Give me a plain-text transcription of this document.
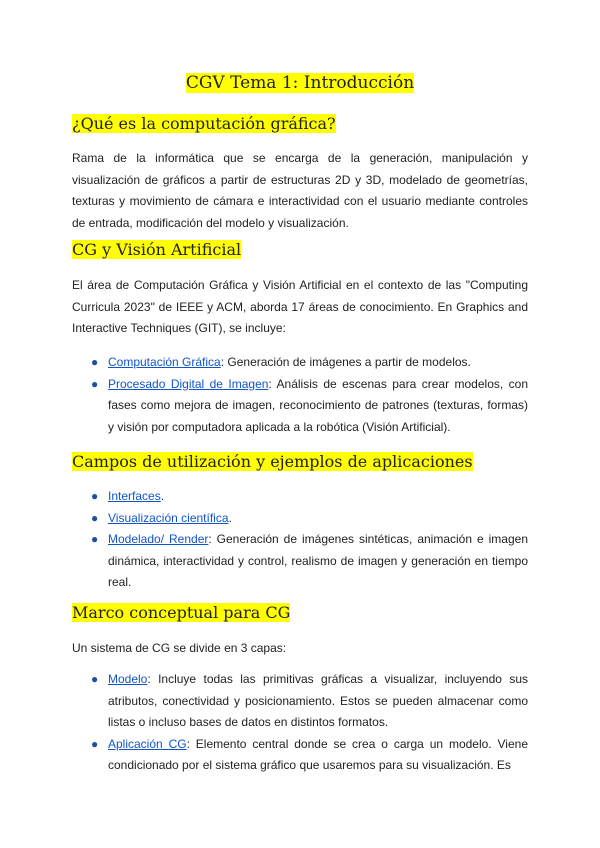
CGV Tema 1: Introducción
¿Qué es la computación gráfica?

Rama de la informática que se encarga de la generación, manipulación y visualización de gráficos a partir de estructuras 2D y 3D, modelado de geometrías, texturas y movimiento de cámara e interactividad con el usuario mediante controles de entrada, modificación del modelo y visualización.

CG y Visión Artificial

El área de Computación Gráfica y Visión Artificial en el contexto de las "Computing Curricula 2023" de IEEE y ACM, aborda 17 áreas de conocimiento. En Graphics and Interactive Techniques (GIT), se incluye:

● Computación Gráfica: Generación de imágenes a partir de modelos.
● Procesado Digital de Imagen: Análisis de escenas para crear modelos, con fases como mejora de imagen, reconocimiento de patrones (texturas, formas) y visión por computadora aplicada a la robótica (Visión Artificial).
Campos de utilización y ejemplos de aplicaciones
● Interfaces.
● Visualización científica.
● Modelado/ Render: Generación de imágenes sintéticas, animación e imagen dinámica, interactividad y control, realismo de imagen y generación en tiempo real.
Marco conceptual para CG

Un sistema de CG se divide en 3 capas:

● Modelo: Incluye todas las primitivas gráficas a visualizar, incluyendo sus atributos, conectividad y posicionamiento. Estos se pueden almacenar como listas o incluso bases de datos en distintos formatos.
● Aplicación CG: Elemento central donde se crea o carga un modelo. Viene condicionado por el sistema gráfico que usaremos para su visualización. Es
